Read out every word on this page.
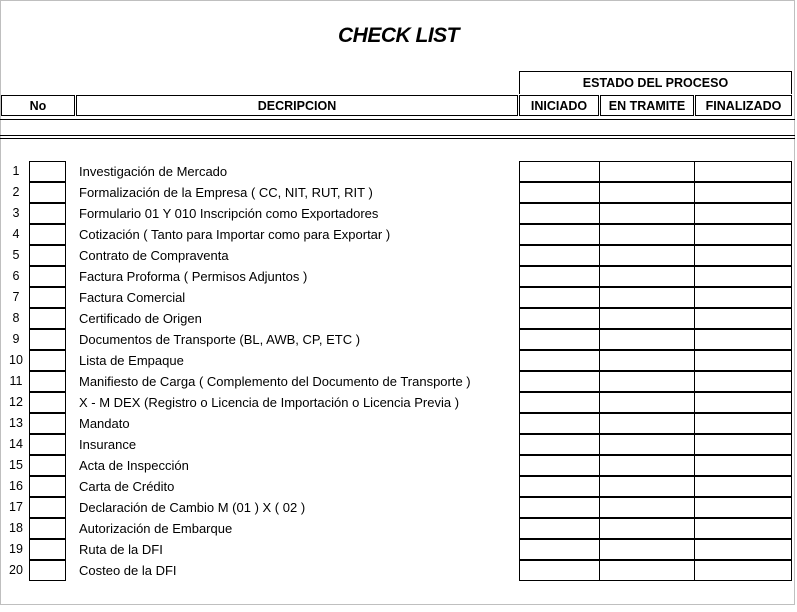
CHECK LIST
ESTADO DEL PROCESO
No	DECRIPCION	INICIADO	EN TRAMITE	FINALIZADO
1	Investigación de Mercado
2	Formalización de la Empresa ( CC, NIT, RUT, RIT )
3	Formulario 01 Y 010 Inscripción como Exportadores
4	Cotización ( Tanto para Importar como para Exportar )
5	Contrato de Compraventa
6	Factura Proforma ( Permisos Adjuntos )
7	Factura Comercial
8	Certificado de Origen
9	Documentos de Transporte (BL, AWB, CP, ETC )
10	Lista de Empaque
11	Manifiesto de Carga ( Complemento del Documento de Transporte )
12	X - M DEX (Registro o Licencia de Importación o Licencia Previa )
13	Mandato
14	Insurance
15	Acta de Inspección
16	Carta de Crédito
17	Declaración de Cambio M (01 ) X ( 02 )
18	Autorización de Embarque
19	Ruta de la DFI
20	Costeo de la DFI
